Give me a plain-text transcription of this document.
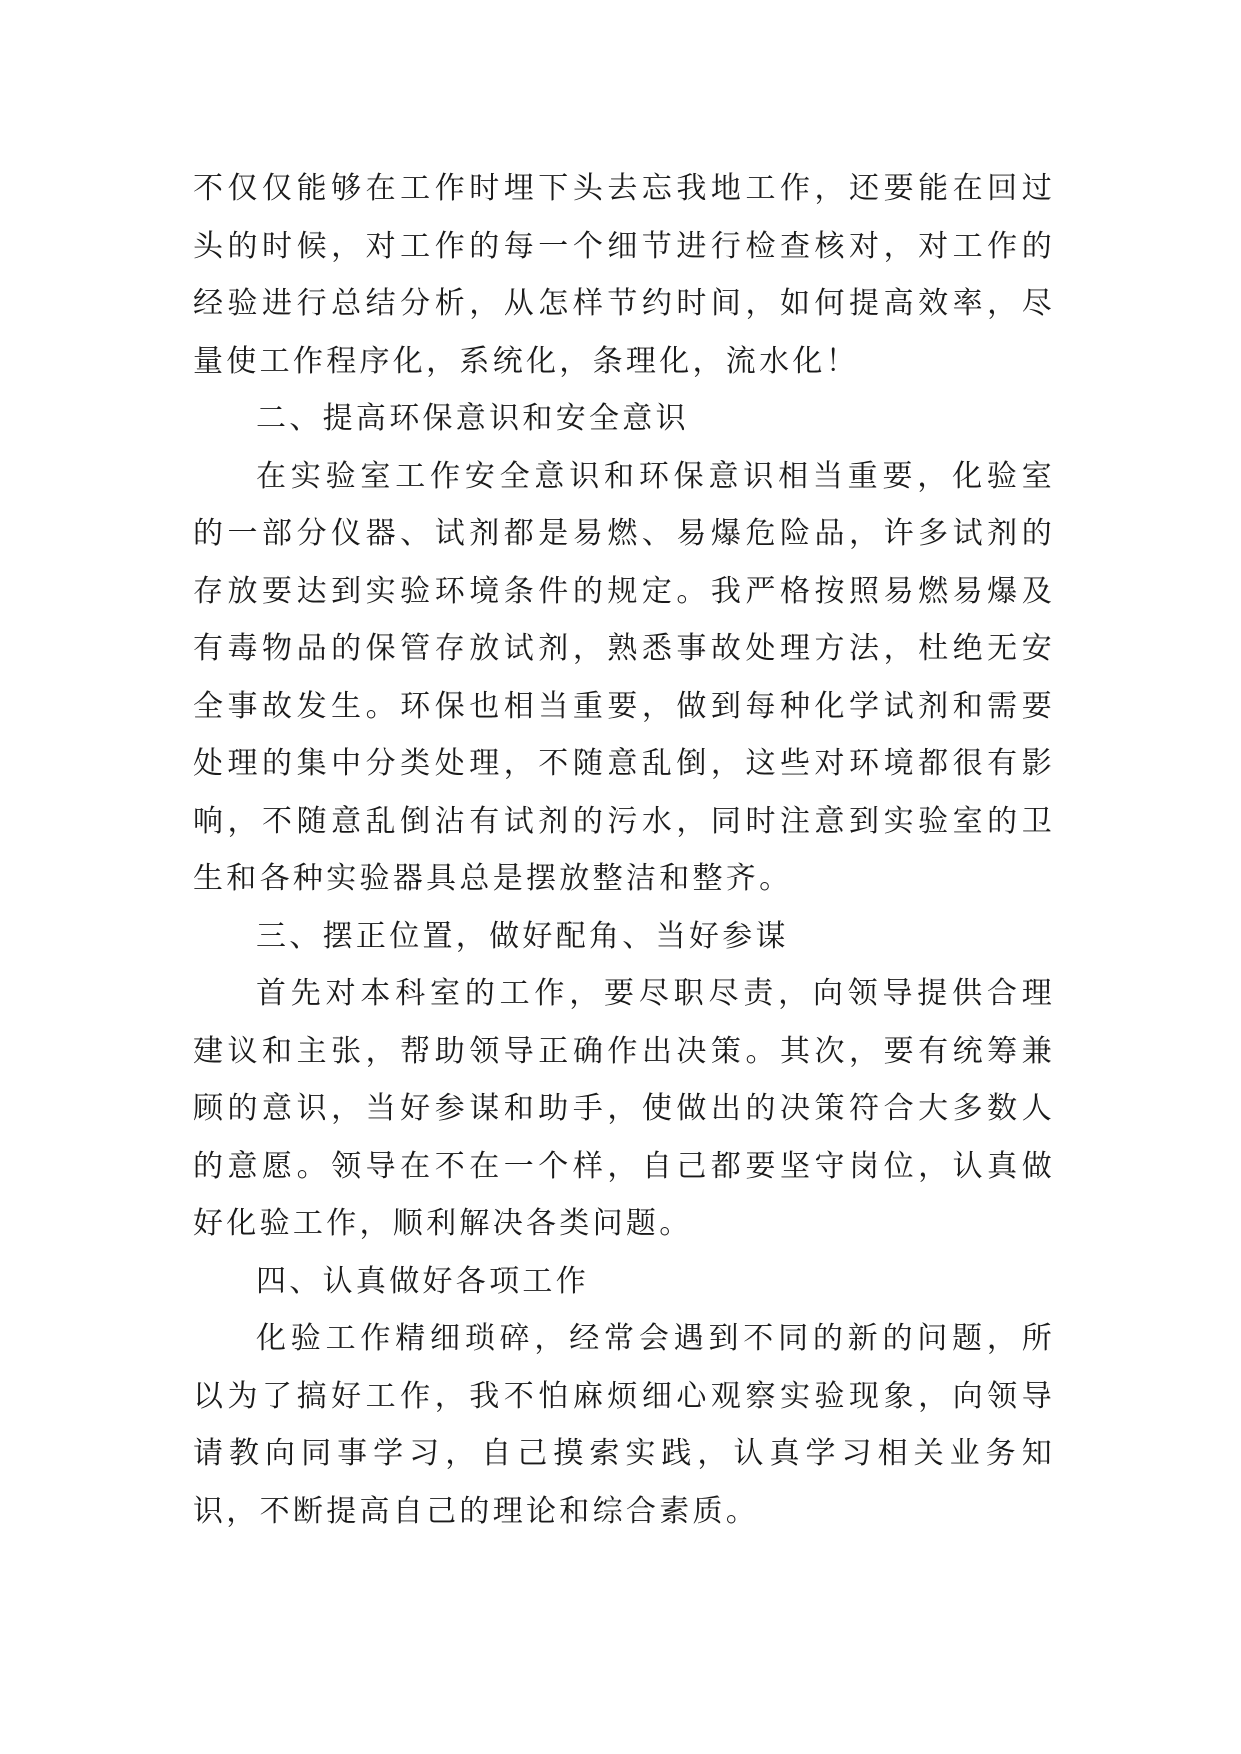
不仅仅能够在工作时埋下头去忘我地工作，还要能在回过头的时候，对工作的每一个细节进行检查核对，对工作的经验进行总结分析，从怎样节约时间，如何提高效率，尽量使工作程序化，系统化，条理化，流水化！

二、提高环保意识和安全意识

在实验室工作安全意识和环保意识相当重要，化验室的一部分仪器、试剂都是易燃、易爆危险品，许多试剂的存放要达到实验环境条件的规定。我严格按照易燃易爆及有毒物品的保管存放试剂，熟悉事故处理方法，杜绝无安全事故发生。环保也相当重要，做到每种化学试剂和需要处理的集中分类处理，不随意乱倒，这些对环境都很有影响，不随意乱倒沾有试剂的污水，同时注意到实验室的卫生和各种实验器具总是摆放整洁和整齐。

三、摆正位置，做好配角、当好参谋

首先对本科室的工作，要尽职尽责，向领导提供合理建议和主张，帮助领导正确作出决策。其次，要有统筹兼顾的意识，当好参谋和助手，使做出的决策符合大多数人的意愿。领导在不在一个样，自己都要坚守岗位，认真做好化验工作，顺利解决各类问题。

四、认真做好各项工作

化验工作精细琐碎，经常会遇到不同的新的问题，所以为了搞好工作，我不怕麻烦细心观察实验现象，向领导请教向同事学习，自己摸索实践，认真学习相关业务知识，不断提高自己的理论和综合素质。
